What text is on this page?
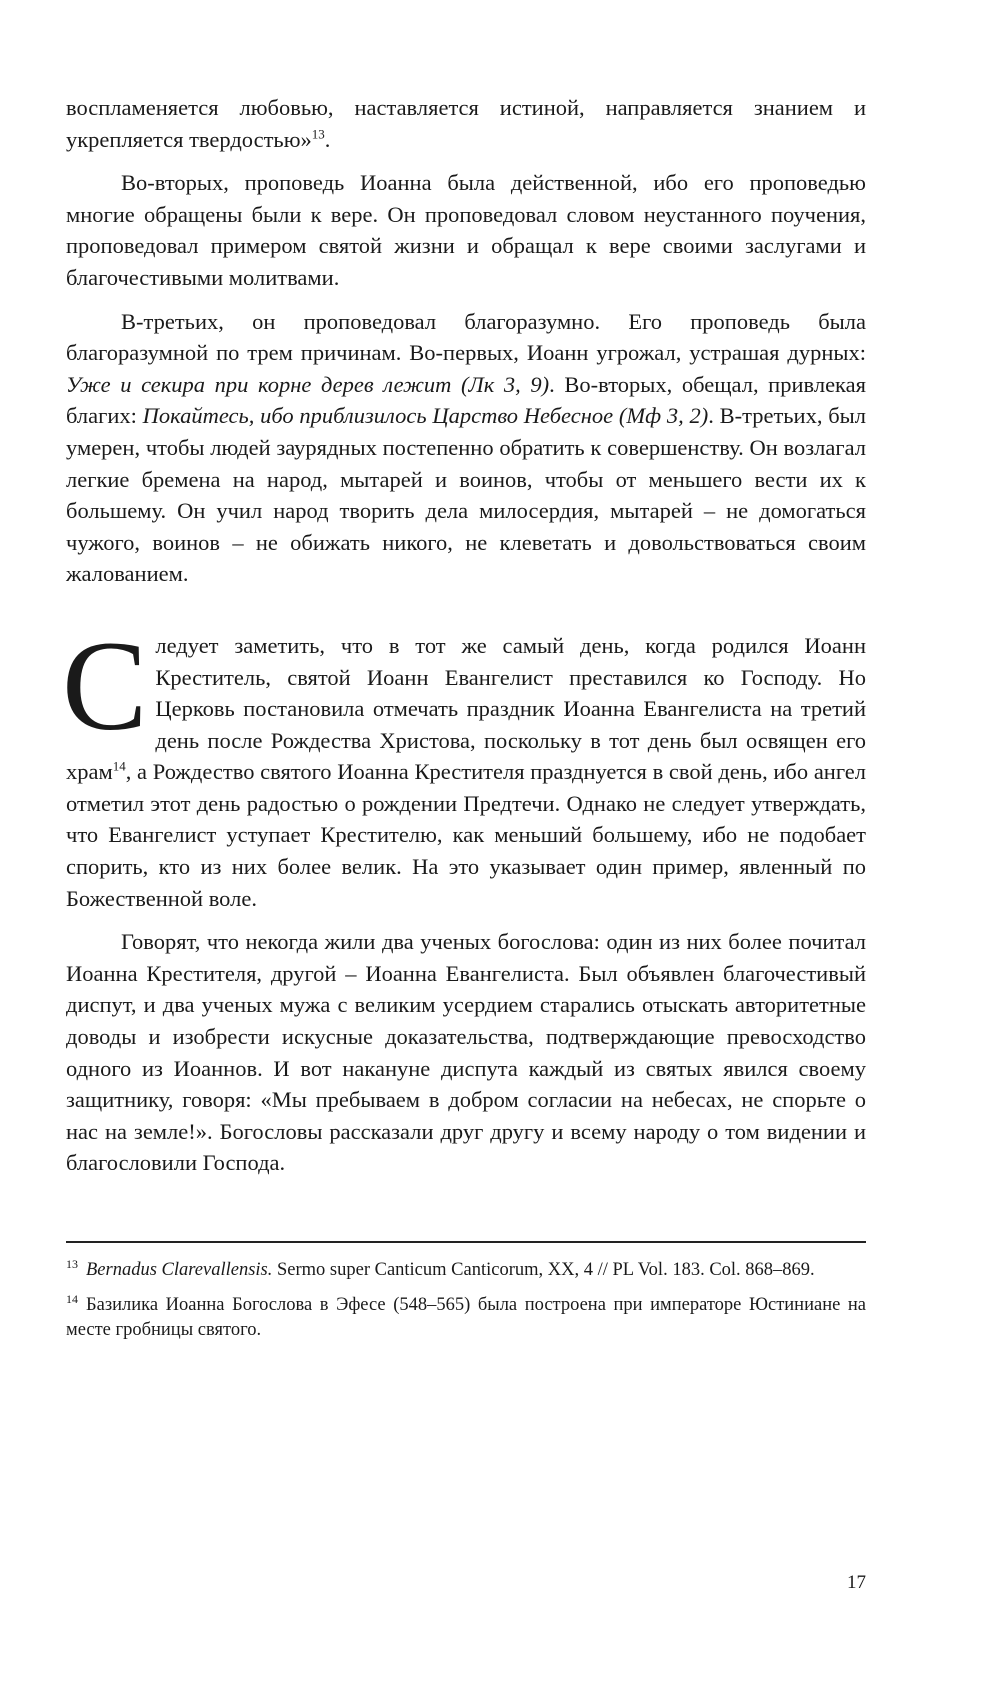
воспламеняется любовью, наставляется истиной, направляется знанием и укрепляется твердостью»$^{13}$.

Во-вторых, проповедь Иоанна была действенной, ибо его проповедью многие обращены были к вере. Он проповедовал словом неустанного поучения, проповедовал примером святой жизни и обращал к вере своими заслугами и благочестивыми молитвами.

В-третьих, он проповедовал благоразумно. Его проповедь была благоразумной по трем причинам. Во-первых, Иоанн угрожал, устрашая дурных: Уже и секира при корне дерев лежит (Лк 3, 9). Во-вторых, обещал, привлекая благих: Покайтесь, ибо приблизилось Царство Небесное (Мф 3, 2). В-третьих, был умерен, чтобы людей заурядных постепенно обратить к совершенству. Он возлагал легкие бремена на народ, мытарей и воинов, чтобы от меньшего вести их к большему. Он учил народ творить дела милосердия, мытарей – не домогаться чужого, воинов – не обижать никого, не клеветать и довольствоваться своим жалованием.

Следует заметить, что в тот же самый день, когда родился Иоанн Креститель, святой Иоанн Евангелист преставился ко Господу. Но Церковь постановила отмечать праздник Иоанна Евангелиста на третий день после Рождества Христова, поскольку в тот день был освящен его храм$^{14}$, а Рождество святого Иоанна Крестителя празднуется в свой день, ибо ангел отметил этот день радостью о рождении Предтечи. Однако не следует утверждать, что Евангелист уступает Крестителю, как меньший большему, ибо не подобает спорить, кто из них более велик. На это указывает один пример, явленный по Божественной воле.

Говорят, что некогда жили два ученых богослова: один из них более почитал Иоанна Крестителя, другой – Иоанна Евангелиста. Был объявлен благочестивый диспут, и два ученых мужа с великим усердием старались отыскать авторитетные доводы и изобрести искусные доказательства, подтверждающие превосходство одного из Иоаннов. И вот накануне диспута каждый из святых явился своему защитнику, говоря: «Мы пребываем в добром согласии на небесах, не спорьте о нас на земле!». Богословы рассказали друг другу и всему народу о том видении и благословили Господа.

$^{13}$ Bernadus Clarevallensis. Sermo super Canticum Canticorum, XX, 4 // PL Vol. 183. Col. 868–869.

$^{14}$ Базилика Иоанна Богослова в Эфесе (548–565) была построена при императоре Юстиниане на месте гробницы святого.

17
